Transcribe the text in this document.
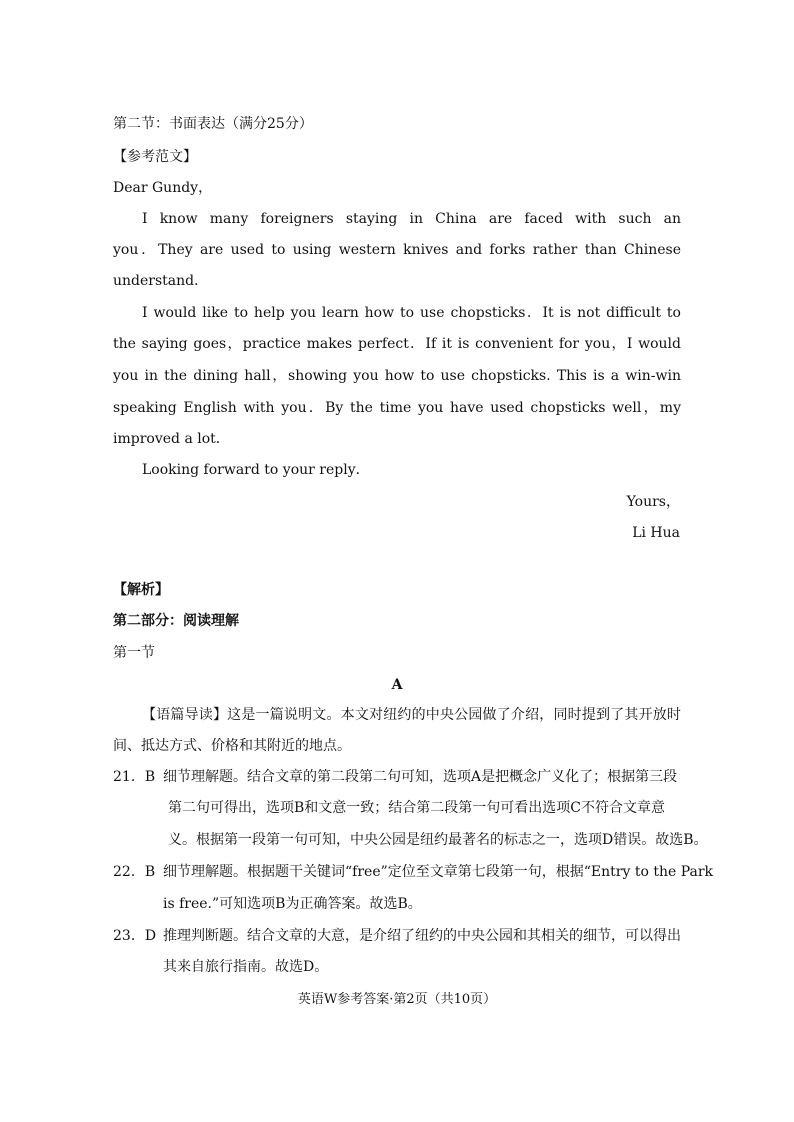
第二节：书面表达（满分25分）
【参考范文】
Dear Gundy，
I know many foreigners staying in China are faced with such an
you．They are used to using western knives and forks rather than Chinese
understand．
I would like to help you learn how to use chopsticks．It is not difficult to
the saying goes，practice makes perfect．If it is convenient for you，I would
you in the dining hall，showing you how to use chopsticks. This is a win-win
speaking English with you．By the time you have used chopsticks well，my
improved a lot．
Looking forward to your reply．
Yours，
Li Hua
【解析】
第二部分：阅读理解
第一节
A
【语篇导读】这是一篇说明文。本文对纽约的中央公园做了介绍，同时提到了其开放时
间、抵达方式、价格和其附近的地点。
21．B 细节理解题。结合文章的第二段第二句可知，选项A是把概念广义化了；根据第三段
第二句可得出，选项B和文意一致；结合第二段第一句可看出选项C不符合文章意
义。根据第一段第一句可知，中央公园是纽约最著名的标志之一，选项D错误。故选B。
22．B 细节理解题。根据题干关键词“free”定位至文章第七段第一句，根据“Entry to the Park
is free.”可知选项B为正确答案。故选B。
23．D 推理判断题。结合文章的大意，是介绍了纽约的中央公园和其相关的细节，可以得出
其来自旅行指南。故选D。
英语W参考答案·第2页（共10页）
